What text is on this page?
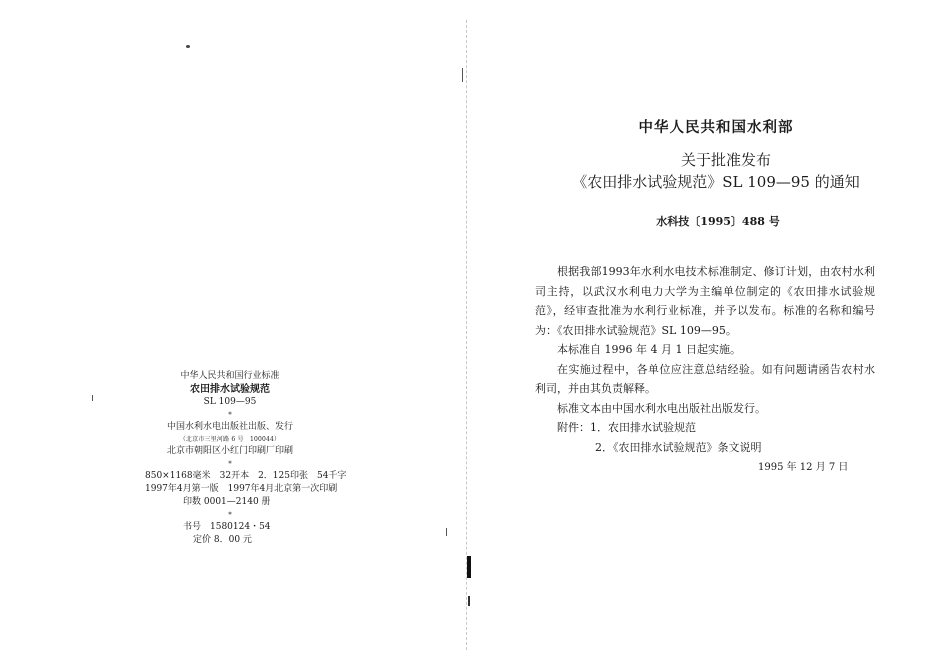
中华人民共和国行业标准
农田排水试验规范
SL 109—95
*
中国水利水电出版社出版、发行
（北京市三里河路 6 号　100044）
北京市朝阳区小红门印刷厂印刷
*
850×1168毫米　32开本　2．125印张　54千字
1997年4月第一版　1997年4月北京第一次印刷
印数 0001—2140 册
*
书号　1580124・54
定价 8．00 元
中华人民共和国水利部
关于批准发布
《农田排水试验规范》SL 109—95 的通知
水科技〔1995〕488 号

根据我部1993年水利水电技术标准制定、修订计划，由农村水利司主持，以武汉水利电力大学为主编单位制定的《农田排水试验规范》，经审查批准为水利行业标准，并予以发布。标准的名称和编号为：《农田排水试验规范》SL 109—95。

本标准自 1996 年 4 月 1 日起实施。

在实施过程中，各单位应注意总结经验。如有问题请函告农村水利司，并由其负责解释。

标准文本由中国水利水电出版社出版发行。

附件：1．农田排水试验规范

2．《农田排水试验规范》条文说明

1995 年 12 月 7 日
